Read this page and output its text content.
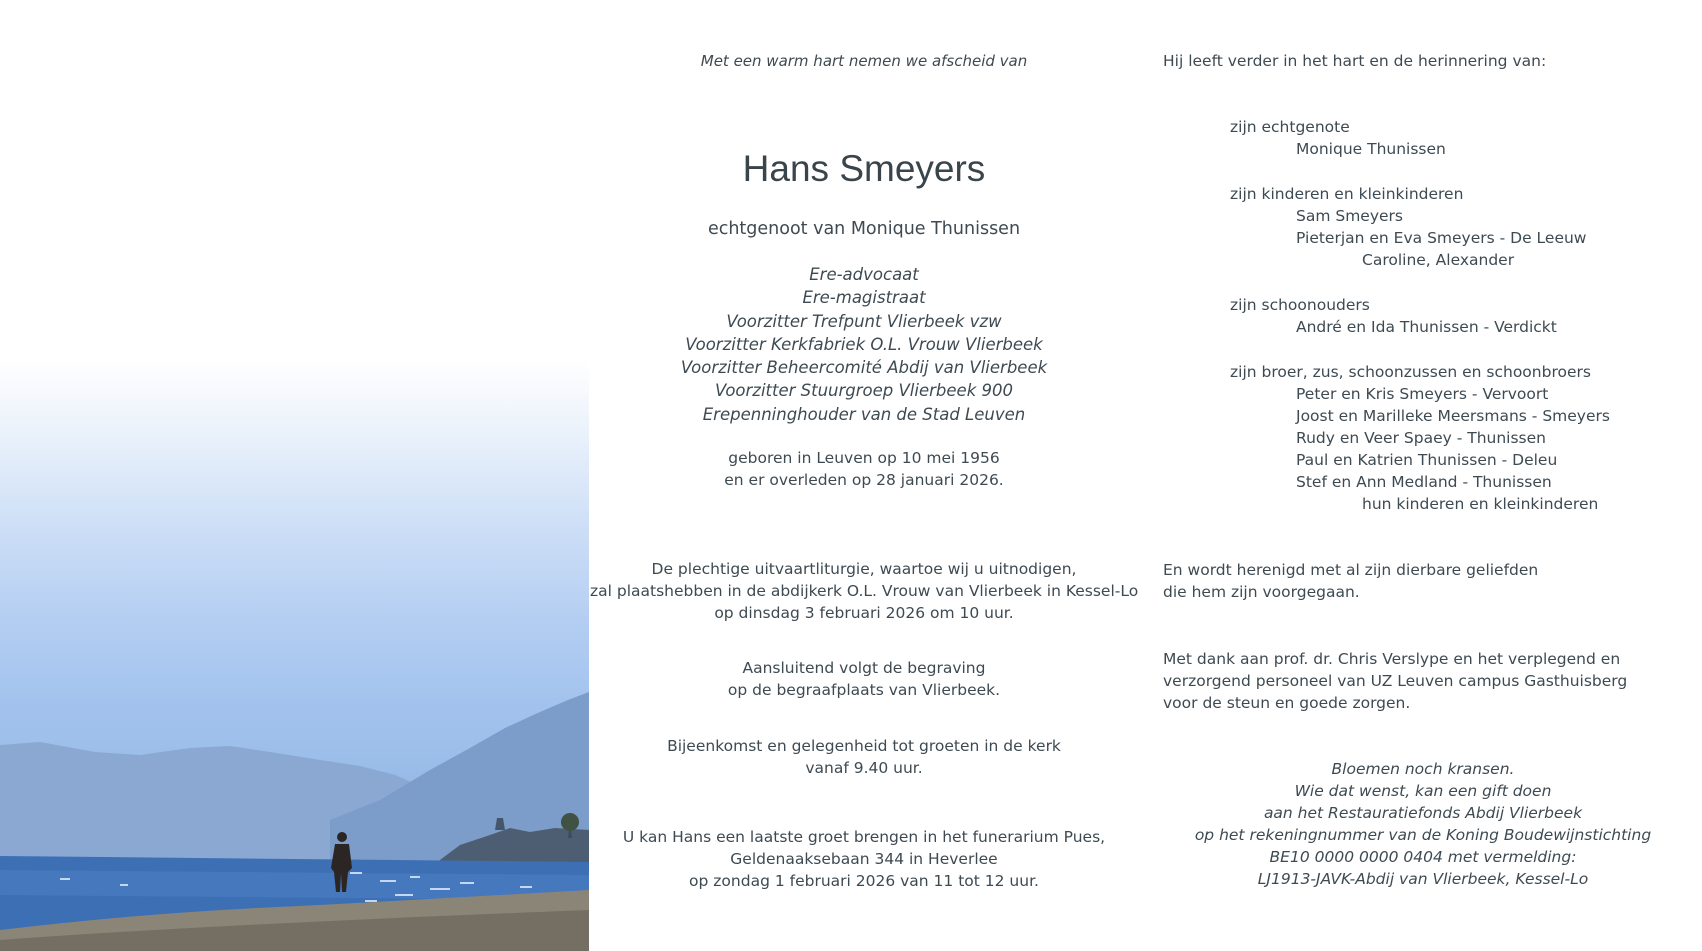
Met een warm hart nemen we afscheid van
Hans Smeyers
echtgenoot van Monique Thunissen
Ere-advocaat
Ere-magistraat
Voorzitter Trefpunt Vlierbeek vzw
Voorzitter Kerkfabriek O.L. Vrouw Vlierbeek
Voorzitter Beheercomité Abdij van Vlierbeek
Voorzitter Stuurgroep Vlierbeek 900
Erepenninghouder van de Stad Leuven
geboren in Leuven op 10 mei 1956
en er overleden op 28 januari 2026.
De plechtige uitvaartliturgie, waartoe wij u uitnodigen,
zal plaatshebben in de abdijkerk O.L. Vrouw van Vlierbeek in Kessel-Lo
op dinsdag 3 februari 2026 om 10 uur.
Aansluitend volgt de begraving
op de begraafplaats van Vlierbeek.
Bijeenkomst en gelegenheid tot groeten in de kerk
vanaf 9.40 uur.
U kan Hans een laatste groet brengen in het funerarium Pues,
Geldenaaksebaan 344 in Heverlee
op zondag 1 februari 2026 van 11 tot 12 uur.
Hij leeft verder in het hart en de herinnering van:
zijn echtgenote
Monique Thunissen
zijn kinderen en kleinkinderen
Sam Smeyers
Pieterjan en Eva Smeyers - De Leeuw
Caroline, Alexander
zijn schoonouders
André en Ida Thunissen - Verdickt
zijn broer, zus, schoonzussen en schoonbroers
Peter en Kris Smeyers - Vervoort
Joost en Marilleke Meersmans - Smeyers
Rudy en Veer Spaey - Thunissen
Paul en Katrien Thunissen - Deleu
Stef en Ann Medland - Thunissen
hun kinderen en kleinkinderen
En wordt herenigd met al zijn dierbare geliefden
die hem zijn voorgegaan.
Met dank aan prof. dr. Chris Verslype en het verplegend en
verzorgend personeel van UZ Leuven campus Gasthuisberg
voor de steun en goede zorgen.
Bloemen noch kransen.
Wie dat wenst, kan een gift doen
aan het Restauratiefonds Abdij Vlierbeek
op het rekeningnummer van de Koning Boudewijnstichting
BE10 0000 0000 0404 met vermelding:
LJ1913-JAVK-Abdij van Vlierbeek, Kessel-Lo
